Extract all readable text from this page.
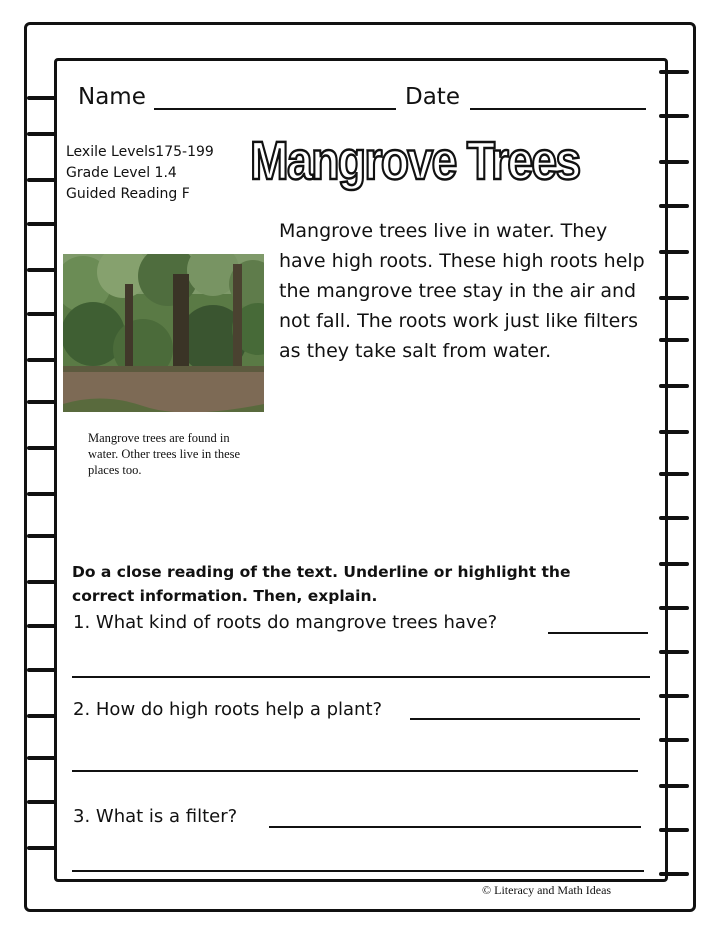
Name	Date
Lexile Levels175-199
Grade Level 1.4
Guided Reading F
Mangrove Trees
Mangrove trees are found in water. Other trees live in these places too.
Mangrove trees live in water. They have high roots. These high roots help the mangrove tree stay in the air and not fall. The roots work just like filters as they take salt from water.
Do a close reading of the text. Underline or highlight the correct information. Then, explain.
1. What kind of roots do mangrove trees have?
2. How do high roots help a plant?
3. What is a filter?
© Literacy and Math Ideas
